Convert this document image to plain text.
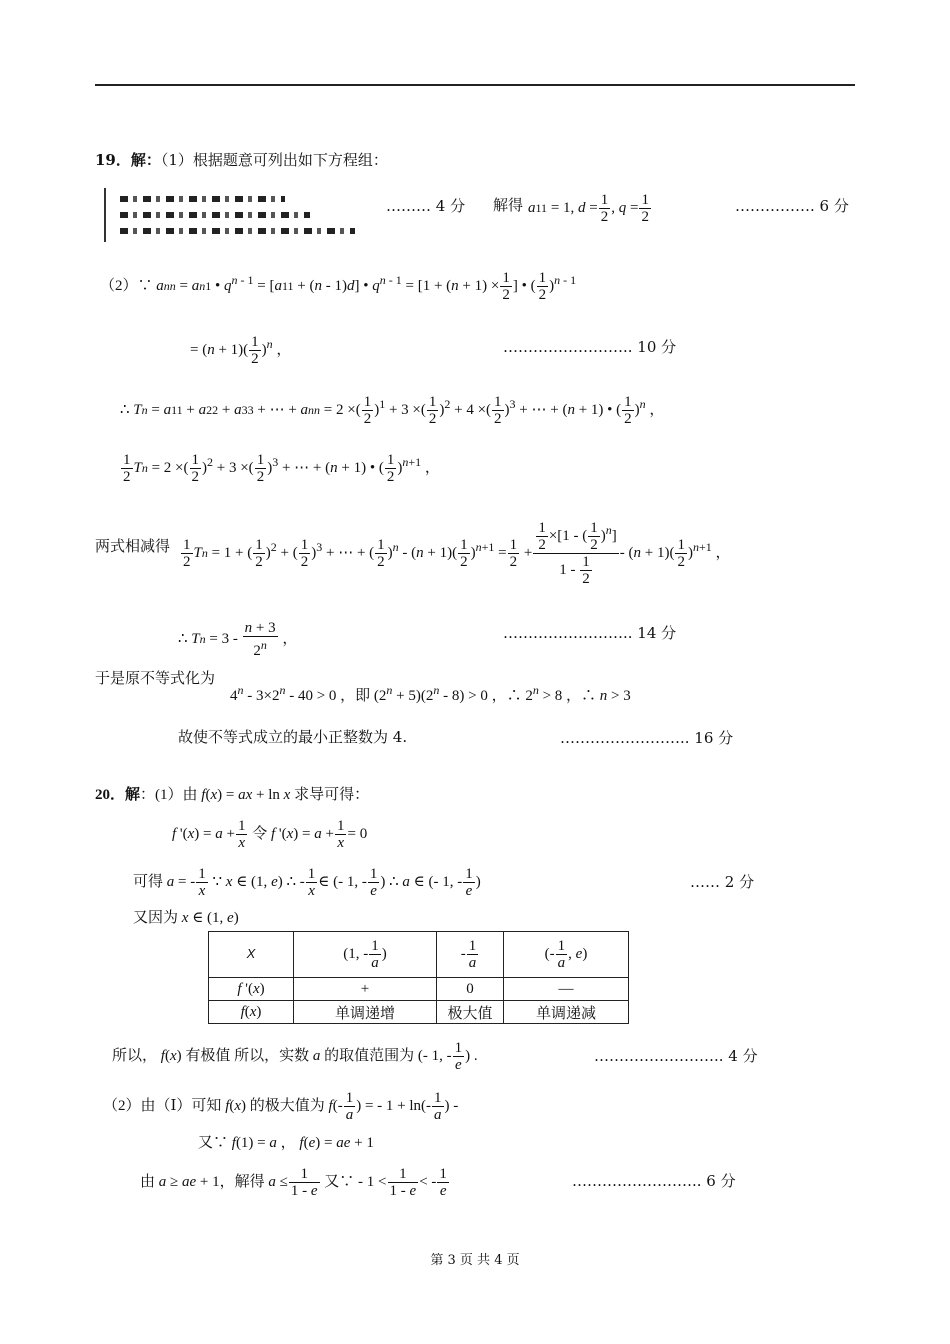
19．解：（1）根据题意可列出如下方程组：
……… 4 分 解得 a11 = 1, $d = \frac{1}{2}$ , $q = \frac{1}{2}$	……………. 6 分
（2）∵ ann = an1 • $q^{n - 1} = [a11 + (n - 1)d]$ • $q^{n - 1} = [1 + (n + 1) \times \frac{1}{2}$ ] • ( $\frac{1}{2} )^{n - 1}$
= $(n + 1)( \frac{1}{2} )^n$ ，	…………………….. 10 分
∴ Tn = a11 + a22 + a33 + ⋯ + ann = 2 ×( $\frac{1}{2} )^1 + 3$ ×( $\frac{1}{2} )^2 + 4$ ×( $\frac{1}{2} )^3$ + ⋯ + (n + 1) • ( $\frac{1}{2} )^n$ ，
$\frac{1}{2}$ Tn = 2 ×( $\frac{1}{2} )^2 + 3$ ×( $\frac{1}{2} )^3$ + ⋯ + (n + 1) • ( $\frac{1}{2} )^{n+1}$ ，
两式相减得 $\frac{1}{2}$ Tn = 1 + ( $\frac{1}{2} )^2$ + ( $\frac{1}{2} )^3$ + ⋯ + ( $\frac{1}{2} )^n - (n + 1)( \frac{1}{2} )^{n+1} = \frac{1}{2} + \frac{\frac{1}{2} \times[1 - ( \frac{1}{2} )^n]}{1 - \frac{1}{2}} - (n + 1)( \frac{1}{2} )^{n+1}$ ，
∴ $Tn = 3 - \frac{n + 3}{2^n}$ ，	…………………….. 14 分
于是原不等式化为
$4^n - 3\times 2^n - 40 > 0$ ，即 $(2^n + 5)(2^n - 8) > 0$ ，∴ $2^n > 8$ ，∴ n > 3
故使不等式成立的最小正整数为 4.	…………………….. 16 分
20．解：(1）由 f(x) = ax + ln x 求导可得：
f '$(x) = a + \frac{1}{x}$ 令 f '$(x) = a + \frac{1}{x} = 0$
可得 a = - $\frac{1}{x}$ ∵ x ∈ (1, e) ∴ - $\frac{1}{x}$ ∈ (- 1, - $\frac{1}{e}$ ) ∴ a ∈ (- 1, - $\frac{1}{e}$ )	…… 2 分
又因为 x ∈ (1, e)
X	(1, - $\frac{1}{a}$ )	- $\frac{1}{a}$	(- $\frac{1}{a}$ , e)
f '(x)	+	0	—
f(x)	单调递增	极大值	单调递减
所以， f(x) 有极值 所以，实数 a 的取值范围为 (- 1, - $\frac{1}{e}$ ) .	…………………….. 4 分
（2）由（Ⅰ）可知 f(x) 的极大值为 $f(- \frac{1}{a}$ ) = - $1 + \ln(- \frac{1}{a}$ ) -
又∵ f(1) = a ， f(e) = ae + 1
由 a ≥ ae + 1，解得 $a \le \frac{1}{1 - e}$ 又∵ - $1 < \frac{1}{1 - e}$ < - $\frac{1}{e}$	…………………….. 6 分
第 3 页 共 4 页
